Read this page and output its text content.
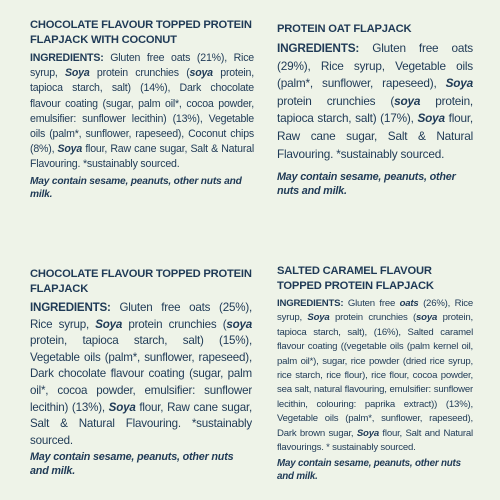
CHOCOLATE FLAVOUR TOPPED PROTEIN FLAPJACK WITH COCONUT

INGREDIENTS: Gluten free oats (21%), Rice syrup, Soya protein crunchies (soya protein, tapioca starch, salt) (14%), Dark chocolate flavour coating (sugar, palm oil*, cocoa powder, emulsifier: sunflower lecithin) (13%), Vegetable oils (palm*, sunflower, rapeseed), Coconut chips (8%), Soya flour, Raw cane sugar, Salt & Natural Flavouring. *sustainably sourced.

May contain sesame, peanuts, other nuts and milk.

PROTEIN OAT FLAPJACK

INGREDIENTS: Gluten free oats (29%), Rice syrup, Vegetable oils (palm*, sunflower, rapeseed), Soya protein crunchies (soya protein, tapioca starch, salt) (17%), Soya flour, Raw cane sugar, Salt & Natural Flavouring. *sustainably sourced.

May contain sesame, peanuts, other nuts and milk.

CHOCOLATE FLAVOUR TOPPED PROTEIN FLAPJACK

INGREDIENTS: Gluten free oats (25%), Rice syrup, Soya protein crunchies (soya protein, tapioca starch, salt) (15%), Vegetable oils (palm*, sunflower, rapeseed), Dark chocolate flavour coating (sugar, palm oil*, cocoa powder, emulsifier: sunflower lecithin) (13%), Soya flour, Raw cane sugar, Salt & Natural Flavouring. *sustainably sourced.

May contain sesame, peanuts, other nuts and milk.

SALTED CARAMEL FLAVOUR TOPPED PROTEIN FLAPJACK

INGREDIENTS: Gluten free oats (26%), Rice syrup, Soya protein crunchies (soya protein, tapioca starch, salt), (16%), Salted caramel flavour coating ((vegetable oils (palm kernel oil, palm oil*), sugar, rice powder (dried rice syrup, rice starch, rice flour), rice flour, cocoa powder, sea salt, natural flavouring, emulsifier: sunflower lecithin, colouring: paprika extract)) (13%), Vegetable oils (palm*, sunflower, rapeseed), Dark brown sugar, Soya flour, Salt and Natural flavourings. * sustainably sourced.

May contain sesame, peanuts, other nuts and milk.
